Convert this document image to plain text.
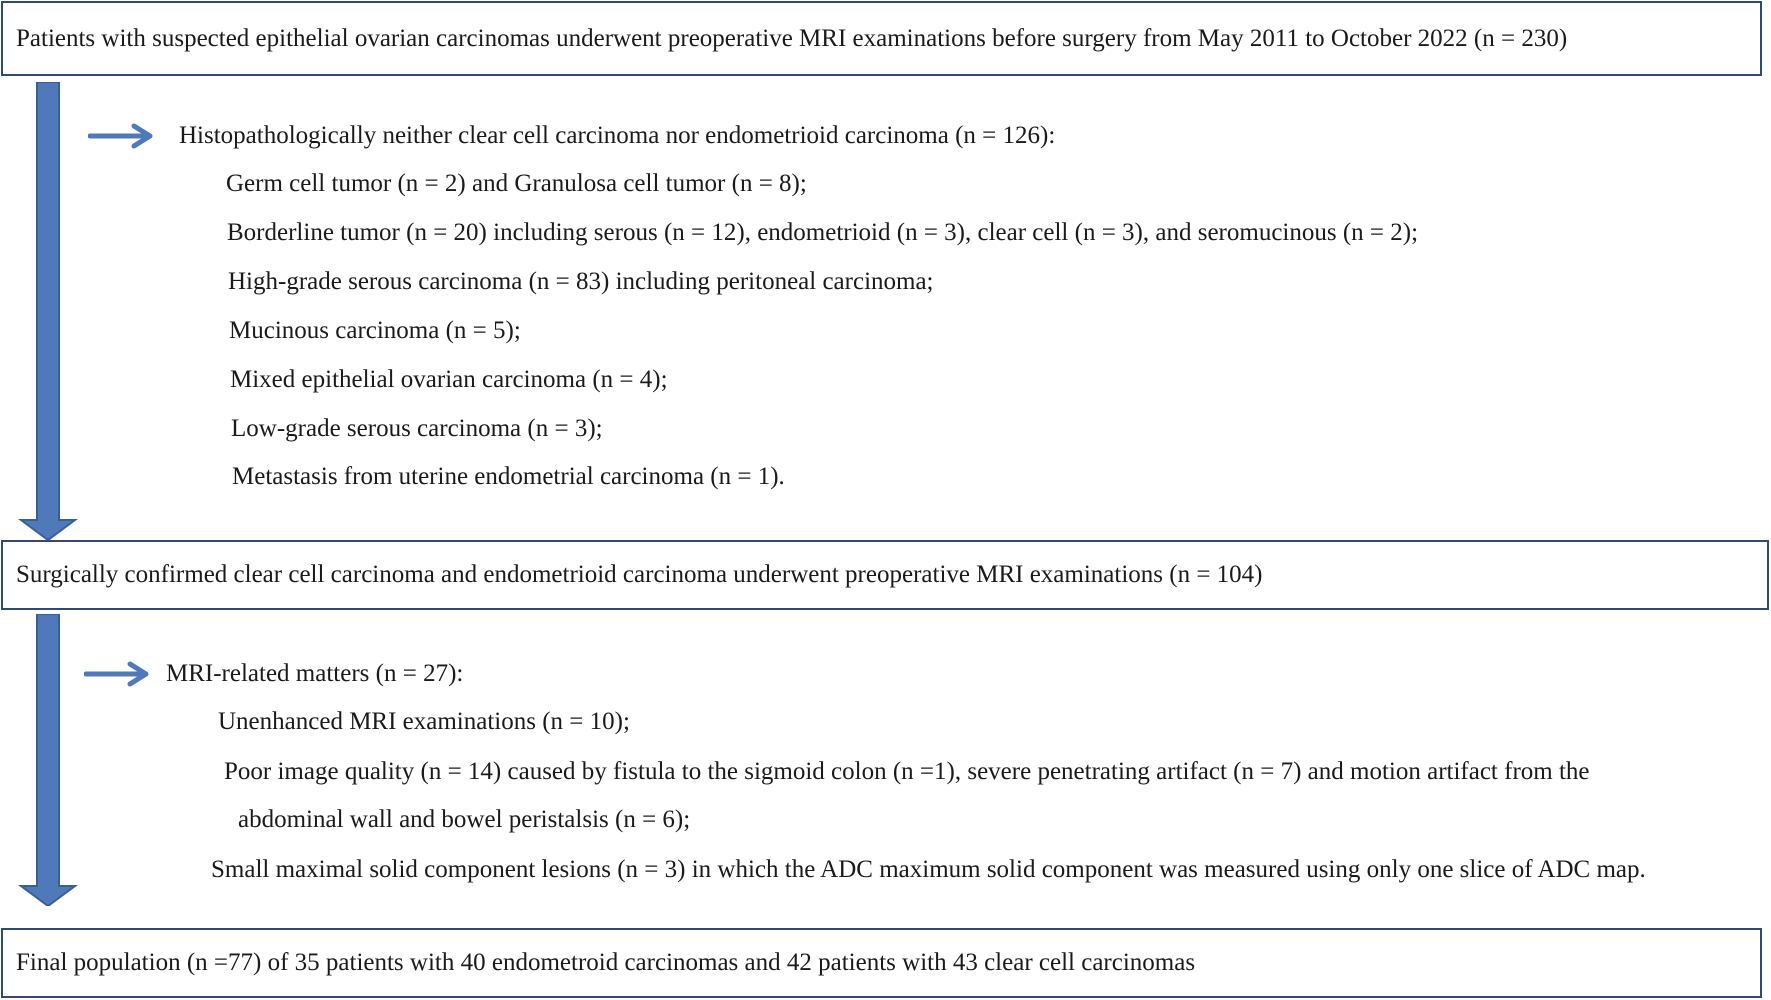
Patients with suspected epithelial ovarian carcinomas underwent preoperative MRI examinations before surgery from May 2011 to October 2022 (n = 230)
Surgically confirmed clear cell carcinoma and endometrioid carcinoma underwent preoperative MRI examinations (n = 104)
Final population (n =77) of 35 patients with 40 endometroid carcinomas and 42 patients with 43 clear cell carcinomas
Histopathologically neither clear cell carcinoma nor endometrioid carcinoma (n = 126):
Germ cell tumor (n = 2) and Granulosa cell tumor (n = 8);
Borderline tumor (n = 20) including serous (n = 12), endometrioid (n = 3), clear cell (n = 3), and seromucinous (n = 2);
High-grade serous carcinoma (n = 83) including peritoneal carcinoma;
Mucinous carcinoma (n = 5);
Mixed epithelial ovarian carcinoma (n = 4);
Low-grade serous carcinoma (n = 3);
Metastasis from uterine endometrial carcinoma (n = 1).
MRI-related matters (n = 27):
Unenhanced MRI examinations (n = 10);
Poor image quality (n = 14) caused by fistula to the sigmoid colon (n =1), severe penetrating artifact (n = 7) and motion artifact from the
abdominal wall and bowel peristalsis (n = 6);
Small maximal solid component lesions (n = 3) in which the ADC maximum solid component was measured using only one slice of ADC map.
